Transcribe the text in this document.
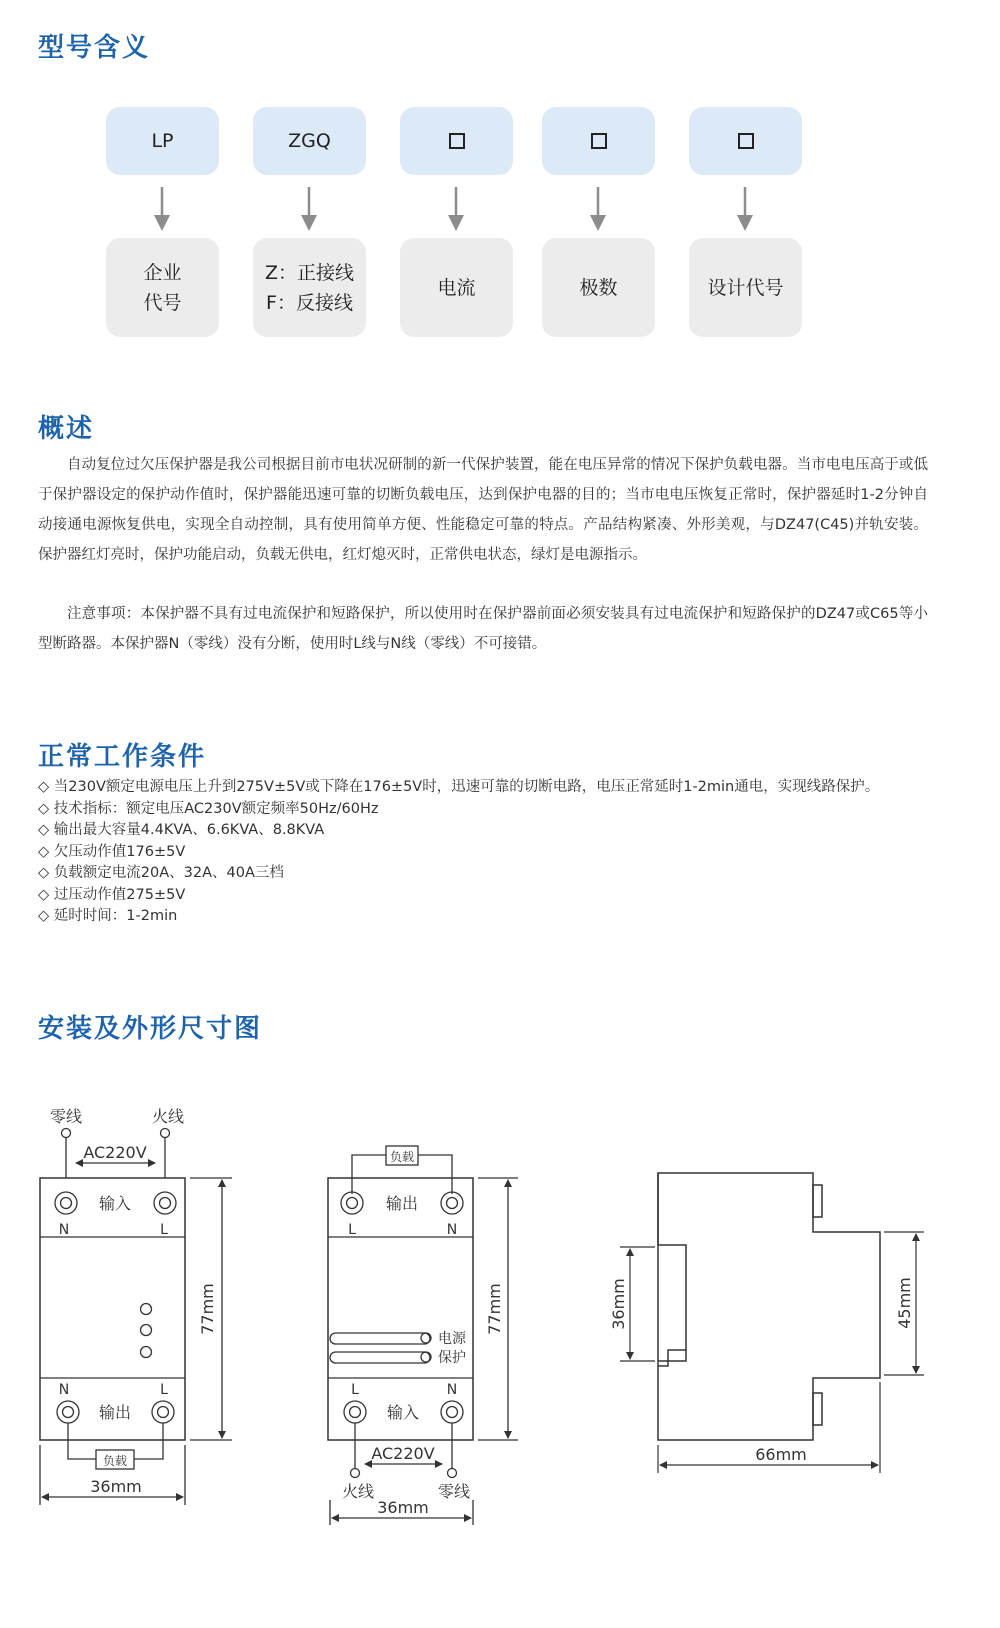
型号含义
LP	ZGQ
企业
代号
Z：正接线
F：反接线
电流	极数	设计代号
概述

自动复位过欠压保护器是我公司根据目前市电状况研制的新一代保护装置，能在电压异常的情况下保护负载电器。当市电电压高于或低于保护器设定的保护动作值时，保护器能迅速可靠的切断负载电压，达到保护电器的目的；当市电电压恢复正常时，保护器延时1-2分钟自动接通电源恢复供电，实现全自动控制，具有使用简单方便、性能稳定可靠的特点。产品结构紧凑、外形美观，与DZ47(C45)并轨安装。保护器红灯亮时，保护功能启动，负载无供电，红灯熄灭时，正常供电状态，绿灯是电源指示。

注意事项：本保护器不具有过电流保护和短路保护，所以使用时在保护器前面必须安装具有过电流保护和短路保护的DZ47或C65等小型断路器。本保护器N（零线）没有分断，使用时L线与N线（零线）不可接错。

正常工作条件
◇ 当230V额定电源电压上升到275V±5V或下降在176±5V时，迅速可靠的切断电路，电压正常延时1-2min通电，实现线路保护。
◇ 技术指标：额定电压AC230V额定频率50Hz/60Hz
◇ 输出最大容量4.4KVA、6.6KVA、8.8KVA
◇ 欠压动作值176±5V
◇ 负载额定电流20A、32A、40A三档
◇ 过压动作值275±5V
◇ 延时时间：1-2min
安装及外形尺寸图
零线	火线
AC220V
输入
N	L
N	L
输出
负载
77mm
36mm
负载
输出
L	N
电源
保护
L	N
输入
AC220V
火线	零线
77mm
36mm
36mm	45mm
66mm
